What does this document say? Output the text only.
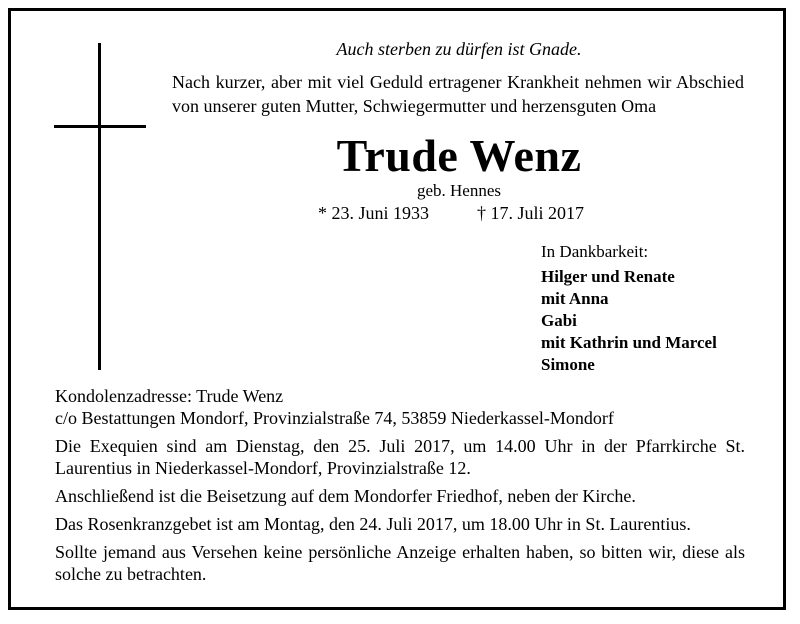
Auch sterben zu dürfen ist Gnade.
Nach kurzer, aber mit viel Geduld ertragener Krankheit nehmen wir Abschied von unserer guten Mutter, Schwiegermutter und herzensguten Oma
Trude Wenz
geb. Hennes
* 23. Juni 1933	† 17. Juli 2017
In Dankbarkeit:
Hilger und Renate
mit Anna
Gabi
mit Kathrin und Marcel
Simone

Kondolenzadresse: Trude Wenz

c/o Bestattungen Mondorf, Provinzialstraße 74, 53859 Niederkassel-Mondorf

Die Exequien sind am Dienstag, den 25. Juli 2017, um 14.00 Uhr in der Pfarrkirche St. Laurentius in Niederkassel-Mondorf, Provinzialstraße 12.

Anschließend ist die Beisetzung auf dem Mondorfer Friedhof, neben der Kirche.

Das Rosenkranzgebet ist am Montag, den 24. Juli 2017, um 18.00 Uhr in St. Laurentius.

Sollte jemand aus Versehen keine persönliche Anzeige erhalten haben, so bitten wir, diese als solche zu betrachten.
